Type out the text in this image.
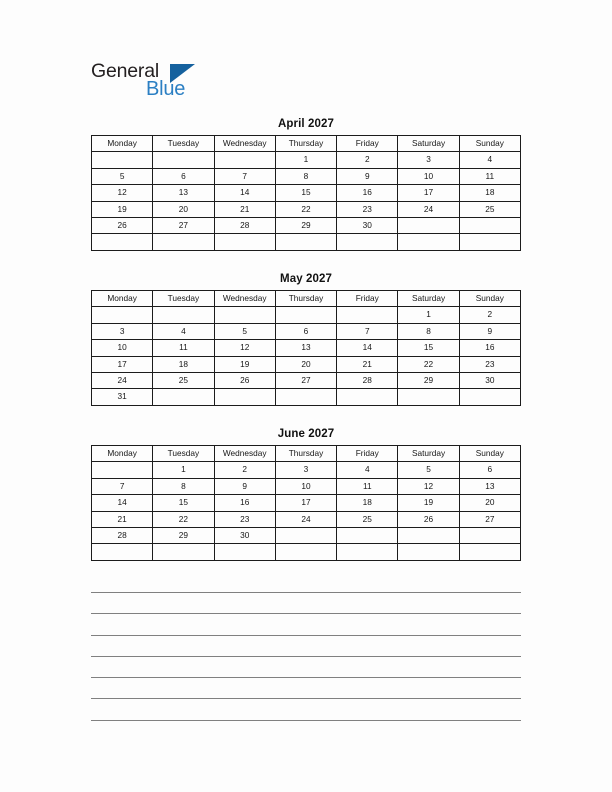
General
Blue
April 2027
Monday	Tuesday	Wednesday	Thursday	Friday	Saturday	Sunday
			1	2	3	4
5	6	7	8	9	10	11
12	13	14	15	16	17	18
19	20	21	22	23	24	25
26	27	28	29	30		

May 2027
Monday	Tuesday	Wednesday	Thursday	Friday	Saturday	Sunday
					1	2
3	4	5	6	7	8	9
10	11	12	13	14	15	16
17	18	19	20	21	22	23
24	25	26	27	28	29	30
31						
June 2027
Monday	Tuesday	Wednesday	Thursday	Friday	Saturday	Sunday
	1	2	3	4	5	6
7	8	9	10	11	12	13
14	15	16	17	18	19	20
21	22	23	24	25	26	27
28	29	30				
